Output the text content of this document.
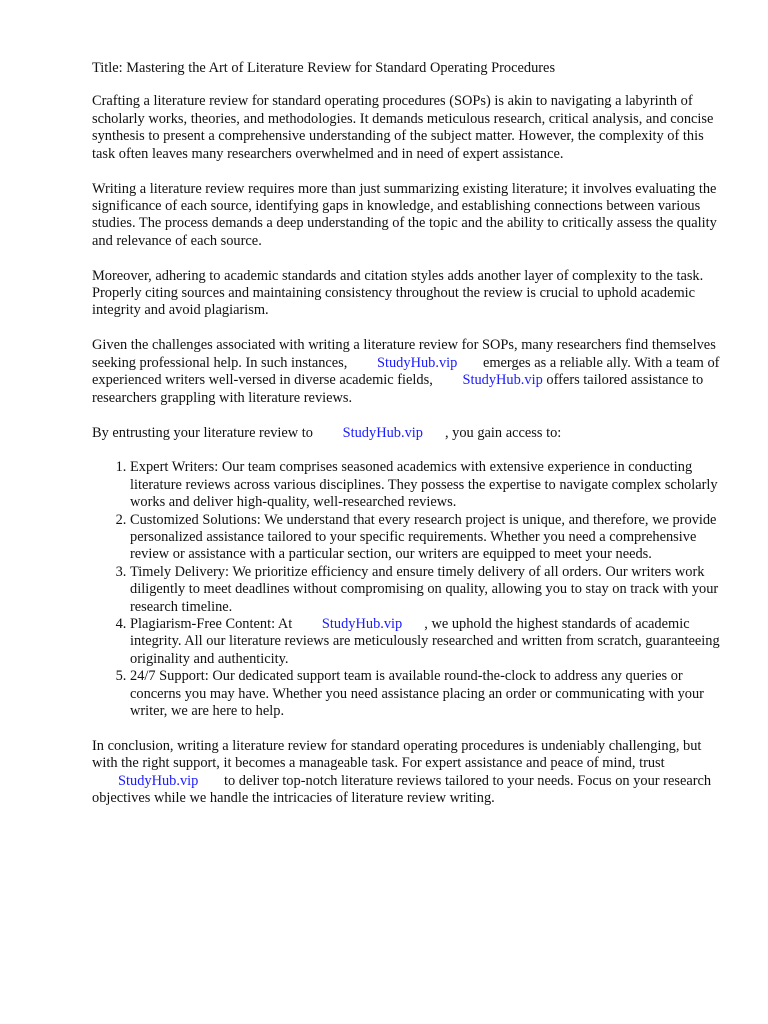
Title: Mastering the Art of Literature Review for Standard Operating Procedures

Crafting a literature review for standard operating procedures (SOPs) is akin to navigating a labyrinth of scholarly works, theories, and methodologies. It demands meticulous research, critical analysis, and concise synthesis to present a comprehensive understanding of the subject matter. However, the complexity of this task often leaves many researchers overwhelmed and in need of expert assistance.

Writing a literature review requires more than just summarizing existing literature; it involves evaluating the significance of each source, identifying gaps in knowledge, and establishing connections between various studies. The process demands a deep understanding of the topic and the ability to critically assess the quality and relevance of each source.

Moreover, adhering to academic standards and citation styles adds another layer of complexity to the task. Properly citing sources and maintaining consistency throughout the review is crucial to uphold academic integrity and avoid plagiarism.

Given the challenges associated with writing a literature review for SOPs, many researchers find themselves seeking professional help. In such instances, StudyHub.vip emerges as a reliable ally. With a team of experienced writers well-versed in diverse academic fields, StudyHub.vip offers tailored assistance to researchers grappling with literature reviews.

By entrusting your literature review to StudyHub.vip , you gain access to:

1. Expert Writers: Our team comprises seasoned academics with extensive experience in conducting literature reviews across various disciplines. They possess the expertise to navigate complex scholarly works and deliver high-quality, well-researched reviews.
2. Customized Solutions: We understand that every research project is unique, and therefore, we provide personalized assistance tailored to your specific requirements. Whether you need a comprehensive review or assistance with a particular section, our writers are equipped to meet your needs.
3. Timely Delivery: We prioritize efficiency and ensure timely delivery of all orders. Our writers work diligently to meet deadlines without compromising on quality, allowing you to stay on track with your research timeline.
4. Plagiarism-Free Content: At StudyHub.vip , we uphold the highest standards of academic integrity. All our literature reviews are meticulously researched and written from scratch, guaranteeing originality and authenticity.
5. 24/7 Support: Our dedicated support team is available round-the-clock to address any queries or concerns you may have. Whether you need assistance placing an order or communicating with your writer, we are here to help.

In conclusion, writing a literature review for standard operating procedures is undeniably challenging, but with the right support, it becomes a manageable task. For expert assistance and peace of mind, trust StudyHub.vip to deliver top-notch literature reviews tailored to your needs. Focus on your research objectives while we handle the intricacies of literature review writing.
